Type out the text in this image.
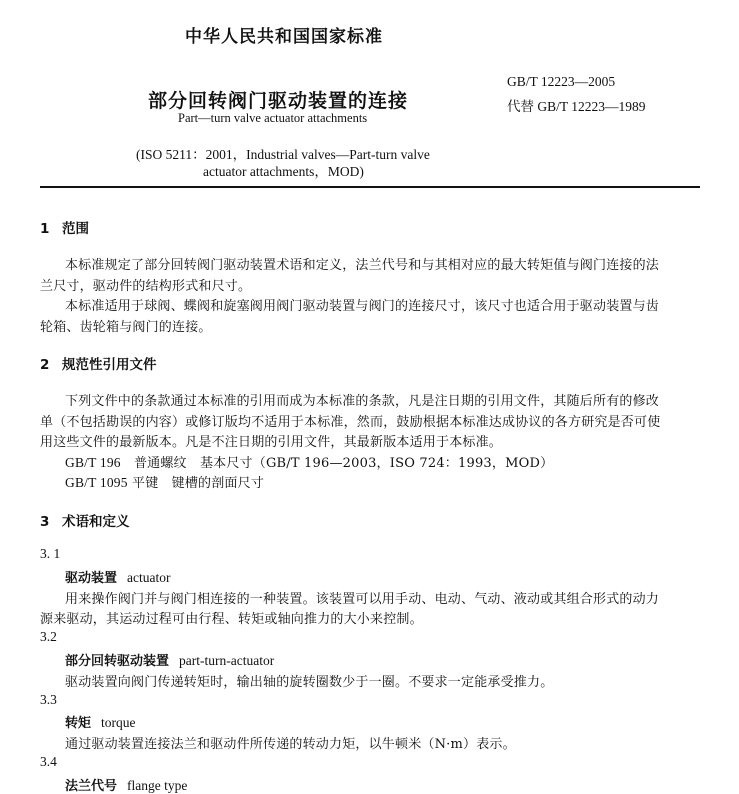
中华人民共和国国家标准
部分回转阀门驱动装置的连接
Part—turn valve actuator attachments
GB/T 12223—2005
代替 GB/T 12223—1989
(ISO 5211：2001，Industrial valves—Part-turn valve
actuator attachments，MOD)
1 范围
本标准规定了部分回转阀门驱动装置术语和定义，法兰代号和与其相对应的最大转矩值与阀门连接的法
兰尺寸，驱动件的结构形式和尺寸。
本标准适用于球阀、蝶阀和旋塞阀用阀门驱动装置与阀门的连接尺寸，该尺寸也适合用于驱动装置与齿
轮箱、齿轮箱与阀门的连接。
2 规范性引用文件
下列文件中的条款通过本标准的引用而成为本标准的条款，凡是注日期的引用文件，其随后所有的修改
单（不包括勘误的内容）或修订版均不适用于本标准，然而，鼓励根据本标准达成协议的各方研究是否可使
用这些文件的最新版本。凡是不注日期的引用文件，其最新版本适用于本标准。
GB/T 196　 普通螺纹　基本尺寸（GB/T 196—2003，ISO 724：1993，MOD）
GB/T 1095 平键　键槽的剖面尺寸
3 术语和定义
3. 1
驱动装置 actuator
用来操作阀门并与阀门相连接的一种装置。该装置可以用手动、电动、气动、液动或其组合形式的动力
源来驱动，其运动过程可由行程、转矩或轴向推力的大小来控制。
3.2
部分回转驱动装置 part-turn-actuator
驱动装置向阀门传递转矩时，输出轴的旋转圈数少于一圈。不要求一定能承受推力。
3.3
转矩 torque
通过驱动装置连接法兰和驱动件所传递的转动力矩，以牛顿米（N·m）表示。
3.4
法兰代号 flange type
